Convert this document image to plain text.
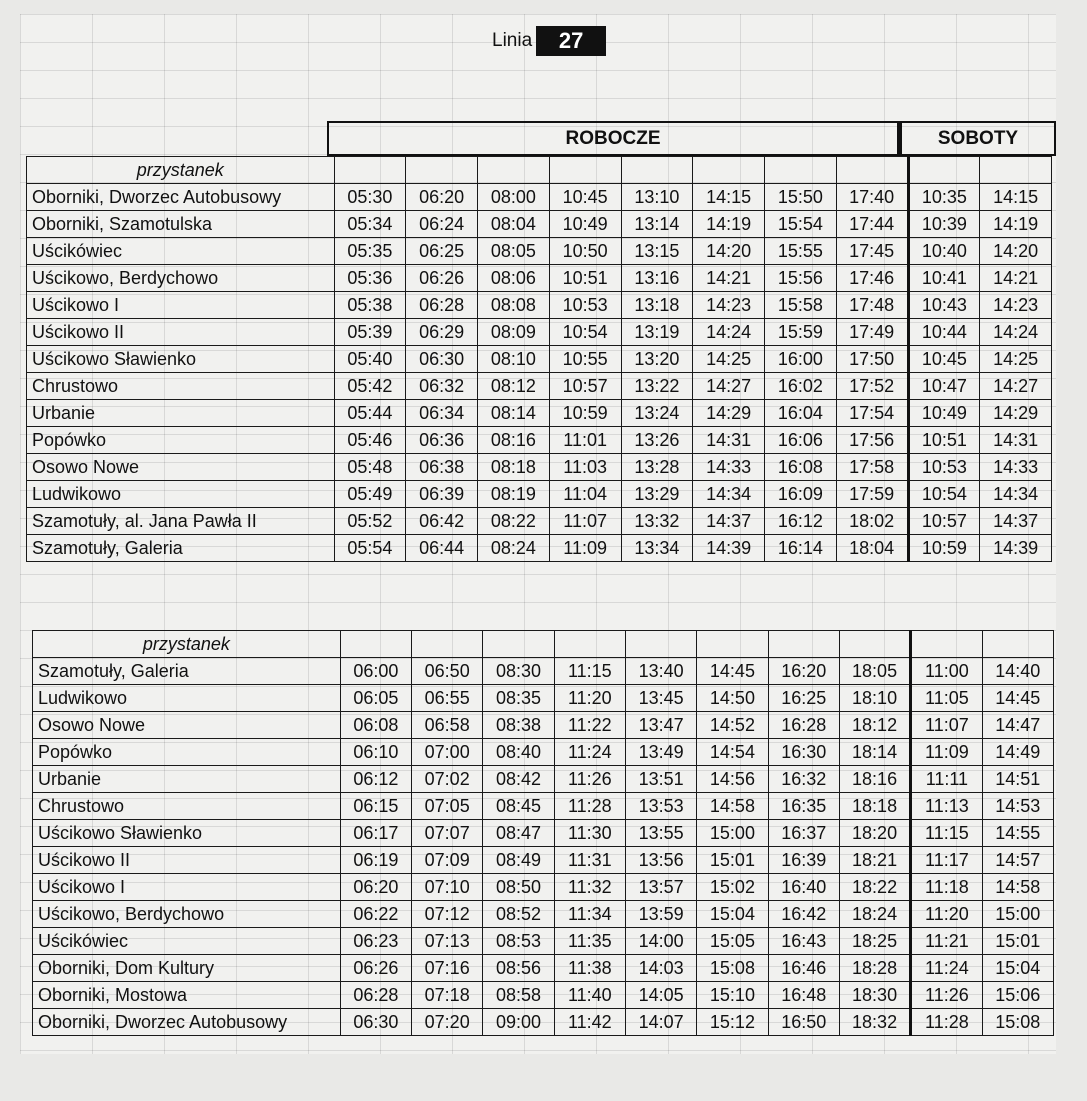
Linia	27
ROBOCZE	SOBOTY
przystanek										
Oborniki, Dworzec Autobusowy	05:30	06:20	08:00	10:45	13:10	14:15	15:50	17:40	10:35	14:15
Oborniki, Szamotulska	05:34	06:24	08:04	10:49	13:14	14:19	15:54	17:44	10:39	14:19
Uścikówiec	05:35	06:25	08:05	10:50	13:15	14:20	15:55	17:45	10:40	14:20
Uścikowo, Berdychowo	05:36	06:26	08:06	10:51	13:16	14:21	15:56	17:46	10:41	14:21
Uścikowo I	05:38	06:28	08:08	10:53	13:18	14:23	15:58	17:48	10:43	14:23
Uścikowo II	05:39	06:29	08:09	10:54	13:19	14:24	15:59	17:49	10:44	14:24
Uścikowo Sławienko	05:40	06:30	08:10	10:55	13:20	14:25	16:00	17:50	10:45	14:25
Chrustowo	05:42	06:32	08:12	10:57	13:22	14:27	16:02	17:52	10:47	14:27
Urbanie	05:44	06:34	08:14	10:59	13:24	14:29	16:04	17:54	10:49	14:29
Popówko	05:46	06:36	08:16	11:01	13:26	14:31	16:06	17:56	10:51	14:31
Osowo Nowe	05:48	06:38	08:18	11:03	13:28	14:33	16:08	17:58	10:53	14:33
Ludwikowo	05:49	06:39	08:19	11:04	13:29	14:34	16:09	17:59	10:54	14:34
Szamotuły, al. Jana Pawła II	05:52	06:42	08:22	11:07	13:32	14:37	16:12	18:02	10:57	14:37
Szamotuły, Galeria	05:54	06:44	08:24	11:09	13:34	14:39	16:14	18:04	10:59	14:39
przystanek										
Szamotuły, Galeria	06:00	06:50	08:30	11:15	13:40	14:45	16:20	18:05	11:00	14:40
Ludwikowo	06:05	06:55	08:35	11:20	13:45	14:50	16:25	18:10	11:05	14:45
Osowo Nowe	06:08	06:58	08:38	11:22	13:47	14:52	16:28	18:12	11:07	14:47
Popówko	06:10	07:00	08:40	11:24	13:49	14:54	16:30	18:14	11:09	14:49
Urbanie	06:12	07:02	08:42	11:26	13:51	14:56	16:32	18:16	11:11	14:51
Chrustowo	06:15	07:05	08:45	11:28	13:53	14:58	16:35	18:18	11:13	14:53
Uścikowo Sławienko	06:17	07:07	08:47	11:30	13:55	15:00	16:37	18:20	11:15	14:55
Uścikowo II	06:19	07:09	08:49	11:31	13:56	15:01	16:39	18:21	11:17	14:57
Uścikowo I	06:20	07:10	08:50	11:32	13:57	15:02	16:40	18:22	11:18	14:58
Uścikowo, Berdychowo	06:22	07:12	08:52	11:34	13:59	15:04	16:42	18:24	11:20	15:00
Uścikówiec	06:23	07:13	08:53	11:35	14:00	15:05	16:43	18:25	11:21	15:01
Oborniki, Dom Kultury	06:26	07:16	08:56	11:38	14:03	15:08	16:46	18:28	11:24	15:04
Oborniki, Mostowa	06:28	07:18	08:58	11:40	14:05	15:10	16:48	18:30	11:26	15:06
Oborniki, Dworzec Autobusowy	06:30	07:20	09:00	11:42	14:07	15:12	16:50	18:32	11:28	15:08
